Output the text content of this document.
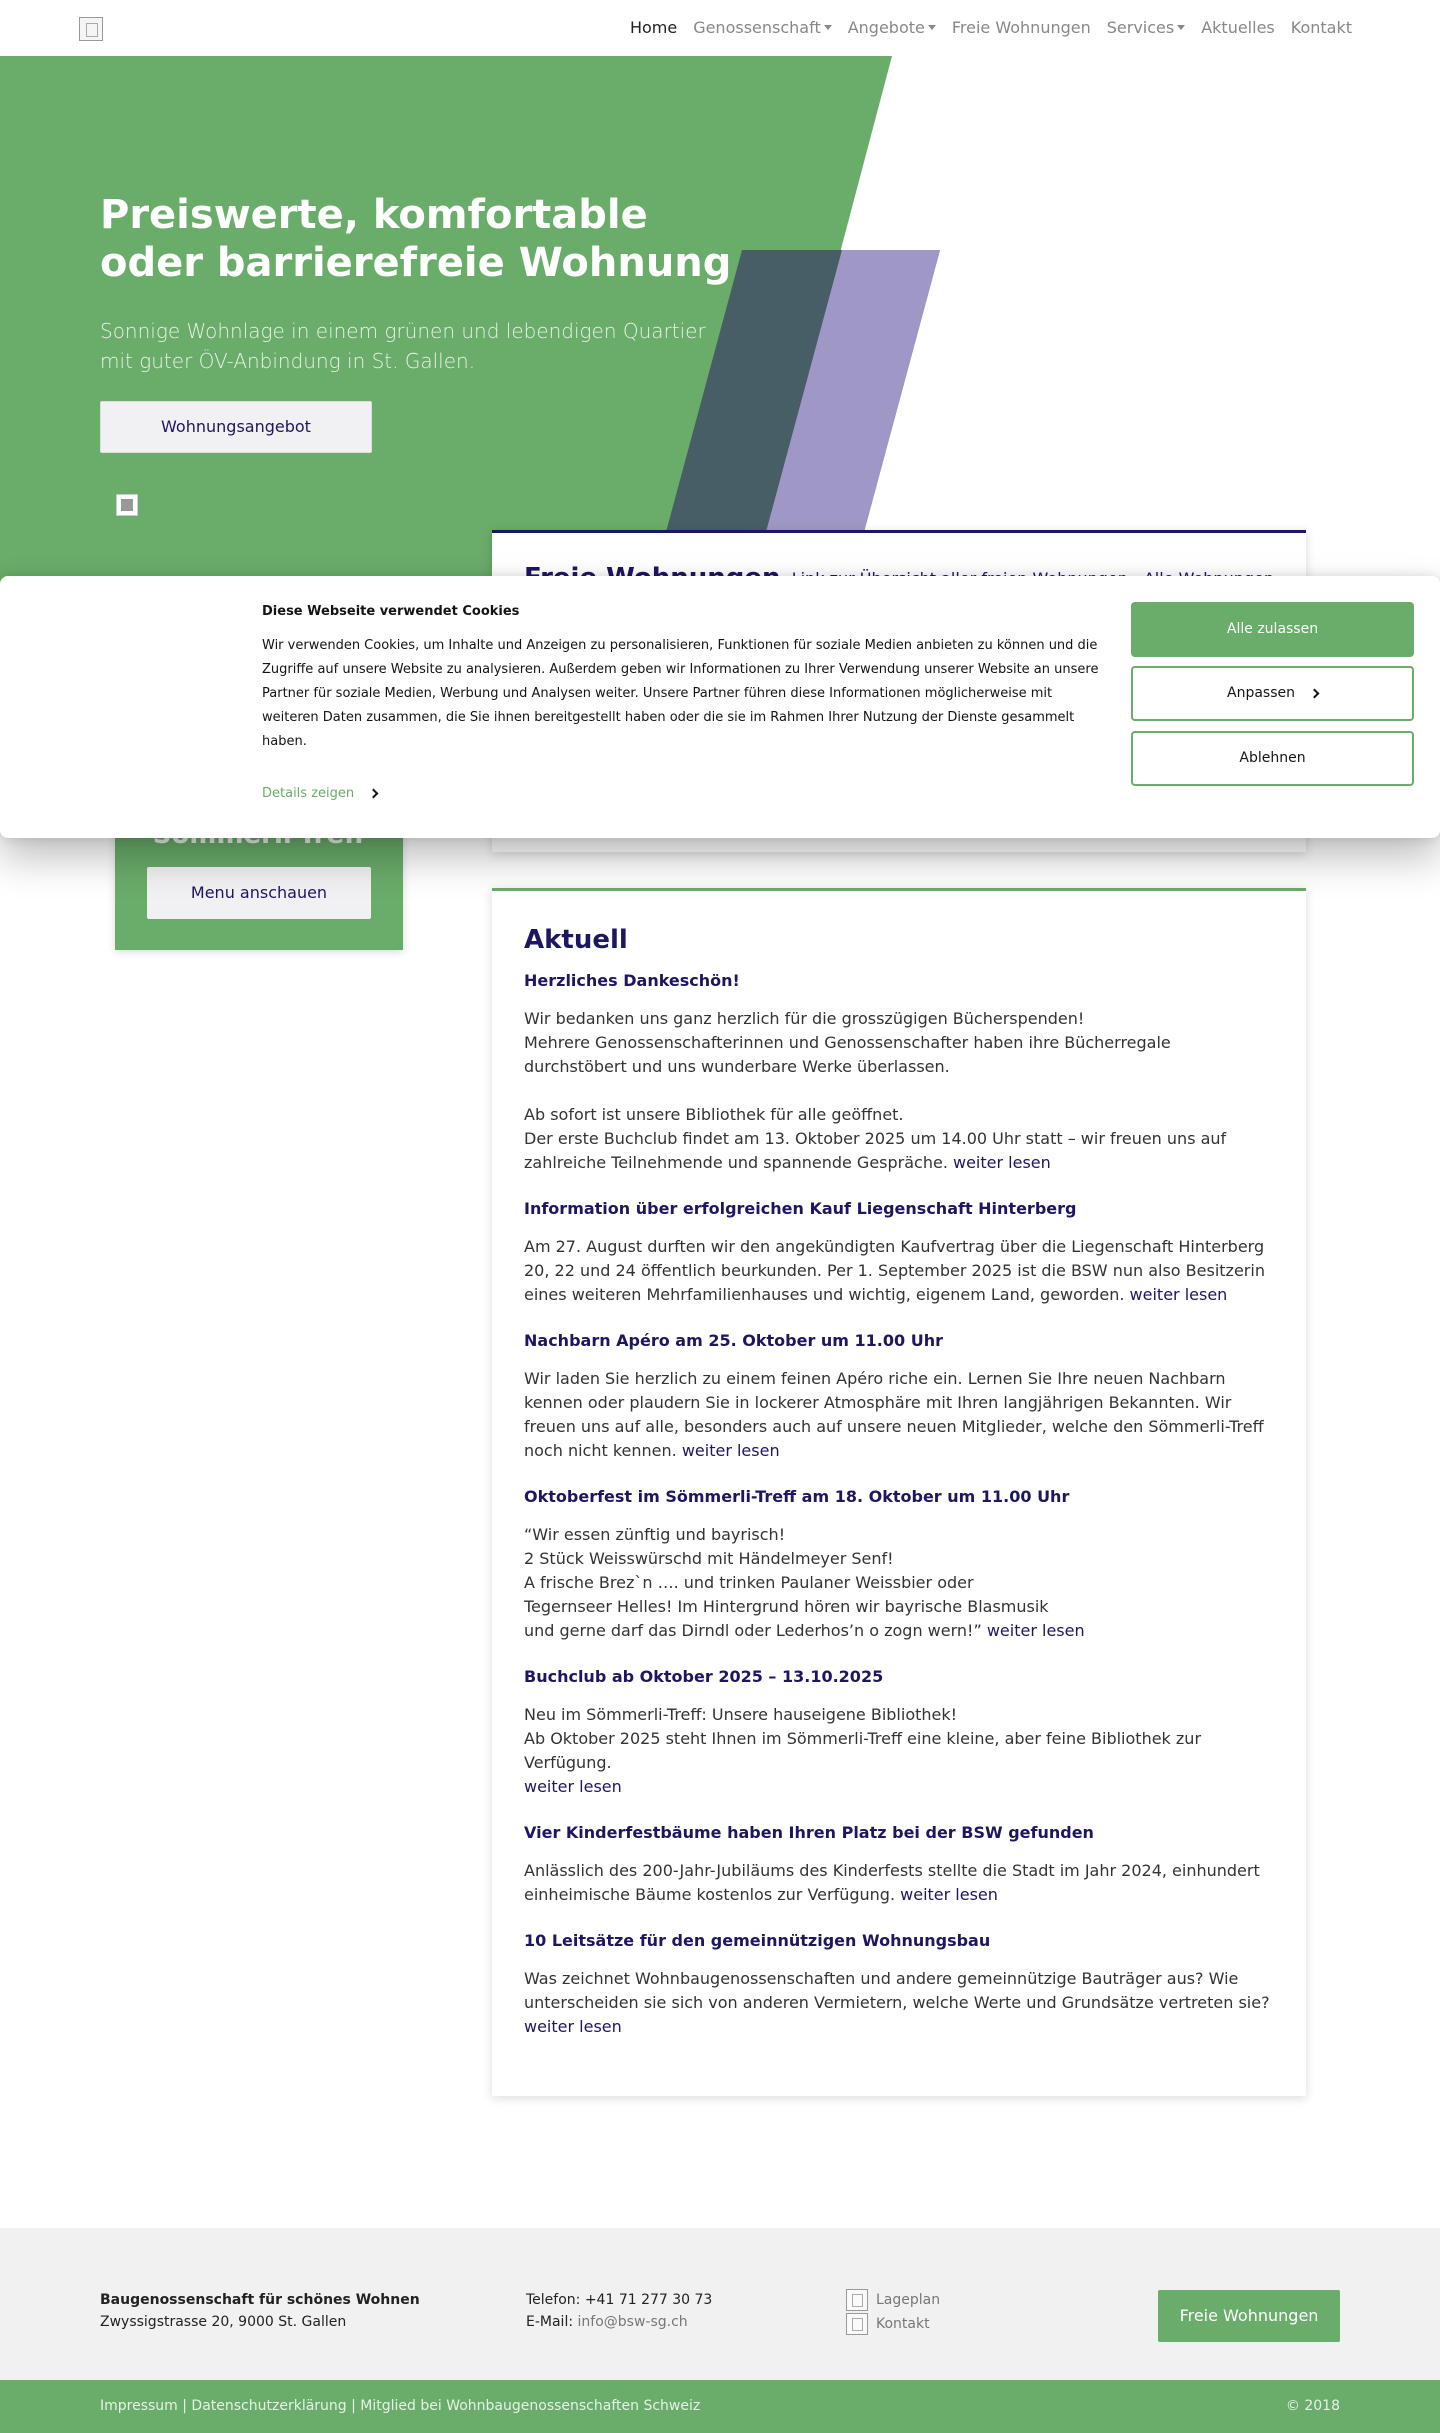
Home Genossenschaft	Angebote	Freie Wohnungen Services	Aktuelles Kontakt
Preiswerte, komfortable oder barrierefreie Wohnung

Sonnige Wohnlage in einem grünen und lebendigen Quartier mit guter ÖV-Anbindung in St. Gallen.

Wohnungsangebot
Menu anschauen
Diese Webseite verwendet Cookies
Wir verwenden Cookies, um Inhalte und Anzeigen zu personalisieren, Funktionen für soziale Medien anbieten zu können und die Zugriffe auf unsere Website zu analysieren. Außerdem geben wir Informationen zu Ihrer Verwendung unserer Website an unsere Partner für soziale Medien, Werbung und Analysen weiter. Unsere Partner führen diese Informationen möglicherweise mit weiteren Daten zusammen, die Sie ihnen bereitgestellt haben oder die sie im Rahmen Ihrer Nutzung der Dienste gesammelt haben.
Details zeigen
Alle zulassen
Anpassen
Ablehnen
Aktuell
Herzliches Dankeschön!

Wir bedanken uns ganz herzlich für die grosszügigen Bücherspenden!
Mehrere Genossenschafterinnen und Genossenschafter haben ihre Bücherregale durchstöbert und uns wunderbare Werke überlassen.

Ab sofort ist unsere Bibliothek für alle geöffnet.
Der erste Buchclub findet am 13. Oktober 2025 um 14.00 Uhr statt – wir freuen uns auf zahlreiche Teilnehmende und spannende Gespräche. weiter lesen

Information über erfolgreichen Kauf Liegenschaft Hinterberg

Am 27. August durften wir den angekündigten Kaufvertrag über die Liegenschaft Hinterberg 20, 22 und 24 öffentlich beurkunden. Per 1. September 2025 ist die BSW nun also Besitzerin eines weiteren Mehrfamilienhauses und wichtig, eigenem Land, geworden. weiter lesen

Nachbarn Apéro am 25. Oktober um 11.00 Uhr

Wir laden Sie herzlich zu einem feinen Apéro riche ein. Lernen Sie Ihre neuen Nachbarn kennen oder plaudern Sie in lockerer Atmosphäre mit Ihren langjährigen Bekannten. Wir freuen uns auf alle, besonders auch auf unsere neuen Mitglieder, welche den Sömmerli-Treff noch nicht kennen. weiter lesen

Oktoberfest im Sömmerli-Treff am 18. Oktober um 11.00 Uhr

“Wir essen zünftig und bayrisch!
2 Stück Weisswürschd mit Händelmeyer Senf!
A frische Brez`n …. und trinken Paulaner Weissbier oder
Tegernseer Helles! Im Hintergrund hören wir bayrische Blasmusik
und gerne darf das Dirndl oder Lederhos’n o zogn wern!” weiter lesen

Buchclub ab Oktober 2025 – 13.10.2025

Neu im Sömmerli-Treff: Unsere hauseigene Bibliothek!
Ab Oktober 2025 steht Ihnen im Sömmerli-Treff eine kleine, aber feine Bibliothek zur Verfügung.
weiter lesen

Vier Kinderfestbäume haben Ihren Platz bei der BSW gefunden

Anlässlich des 200-Jahr-Jubiläums des Kinderfests stellte die Stadt im Jahr 2024, einhundert einheimische Bäume kostenlos zur Verfügung. weiter lesen

10 Leitsätze für den gemeinnützigen Wohnungsbau

Was zeichnet Wohnbaugenossenschaften und andere gemeinnützige Bauträger aus? Wie unterscheiden sie sich von anderen Vermietern, welche Werte und Grundsätze vertreten sie? weiter lesen

Baugenossenschaft für schönes Wohnen
Zwyssigstrasse 20, 9000 St. Gallen
Telefon: +41 71 277 30 73
E-Mail: info@bsw-sg.ch
Lageplan
Kontakt	Freie Wohnungen
Impressum | Datenschutzerklärung | Mitglied bei Wohnbaugenossenschaften Schweiz	© 2018
